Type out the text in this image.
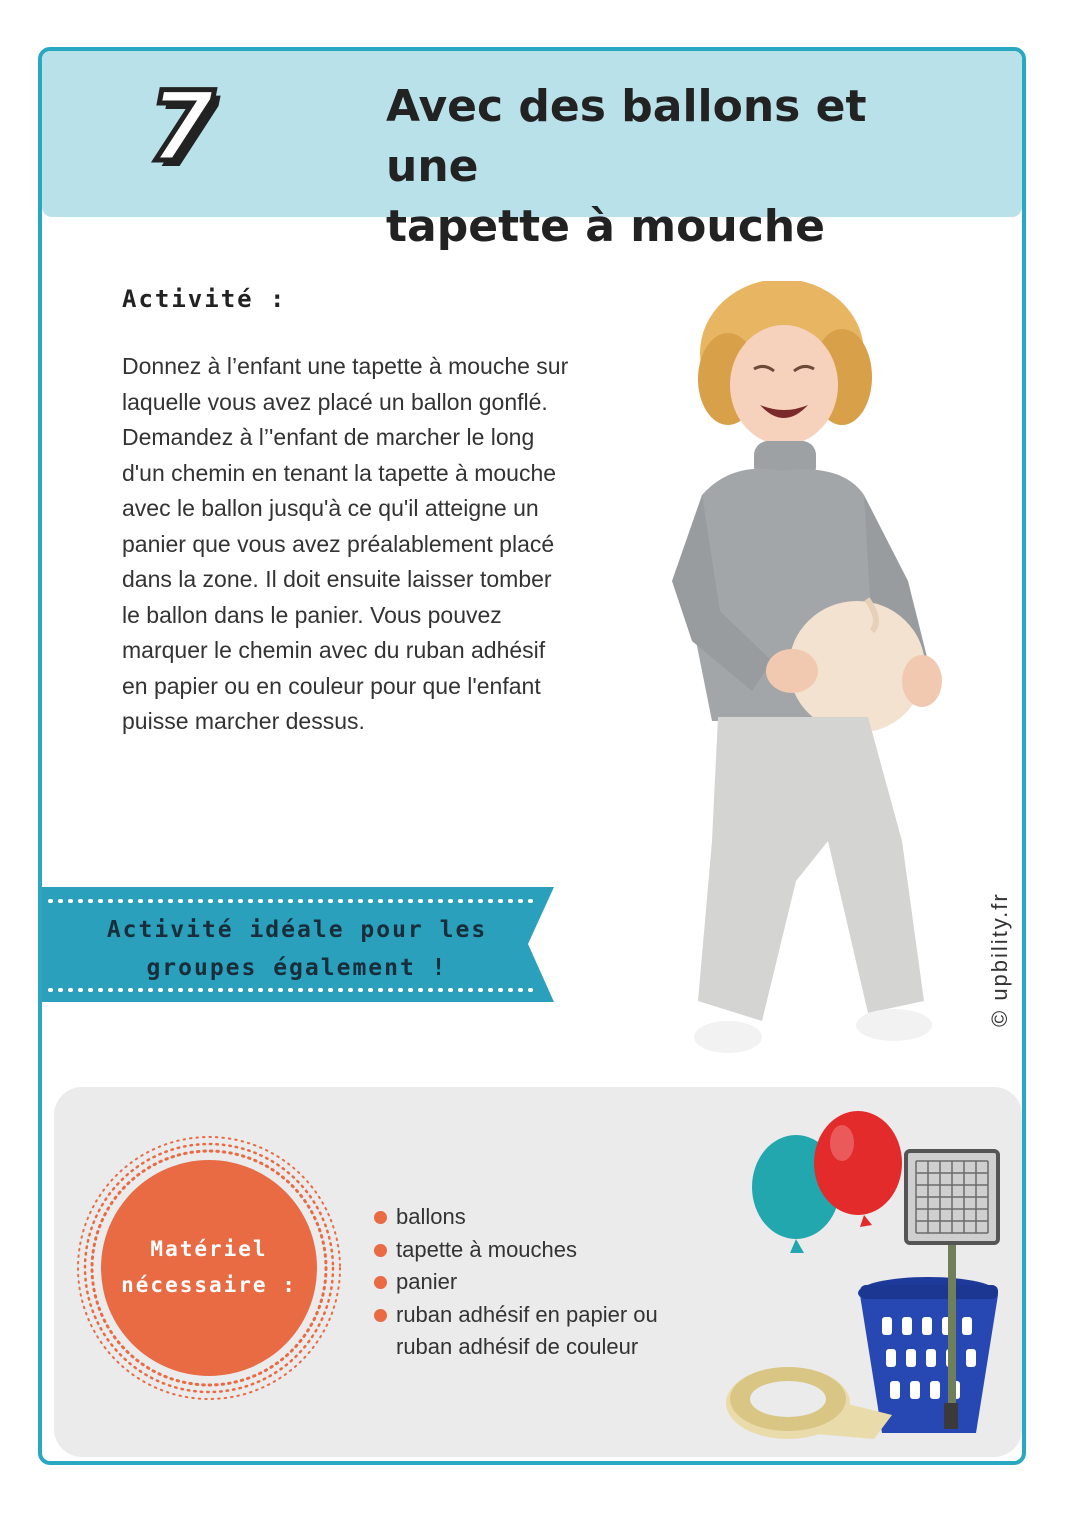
7	Avec des ballons et une
tapette à mouche
Activité :
Donnez à l’enfant une tapette à mouche sur laquelle vous avez placé un ballon gonflé. Demandez à l’'enfant de marcher le long d'un chemin en tenant la tapette à mouche avec le ballon jusqu'à ce qu'il atteigne un panier que vous avez préalablement placé dans la zone. Il doit ensuite laisser tomber le ballon dans le panier. Vous pouvez marquer le chemin avec du ruban adhésif en papier ou en couleur pour que l'enfant puisse marcher dessus.
Activité idéale pour les
groupes également !	© upbility.fr
Matériel
nécessaire :
ballons
tapette à mouches
panier
ruban adhésif en papier ou ruban adhésif de couleur
